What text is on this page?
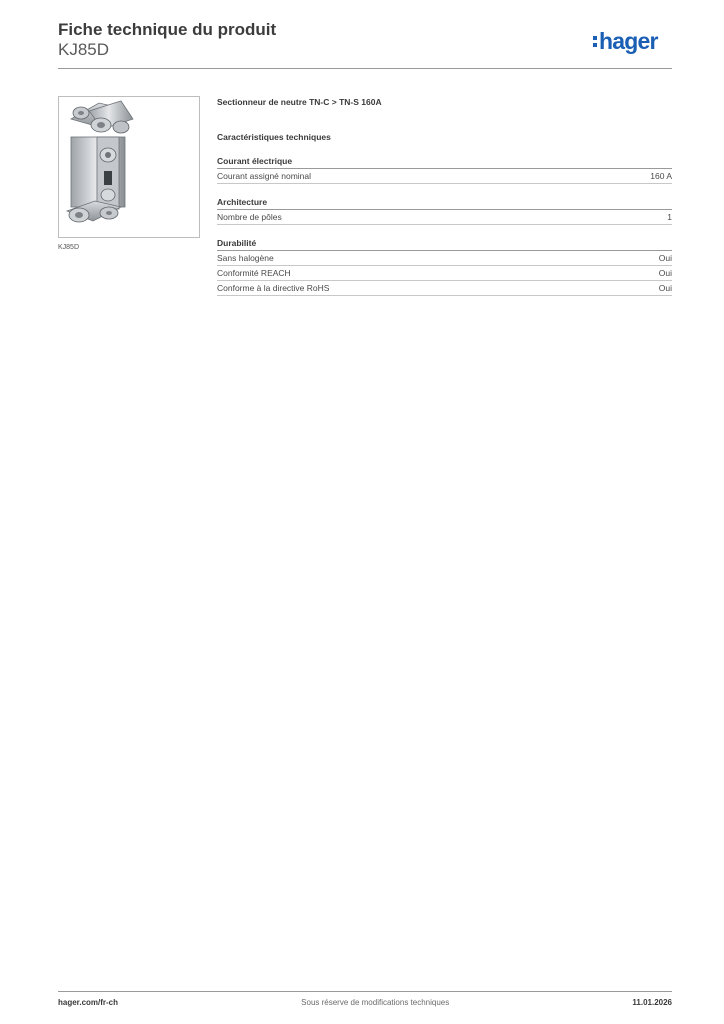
Fiche technique du produit
KJ85D	hager
KJ85D
Sectionneur de neutre TN-C > TN-S 160A
Caractéristiques techniques
Courant électrique
Courant assigné nominal	160 A
Architecture
Nombre de pôles	1
Durabilité
Sans halogène	Oui
Conformité REACH	Oui
Conforme à la directive RoHS	Oui
hager.com/fr-ch	Sous réserve de modifications techniques	11.01.2026
